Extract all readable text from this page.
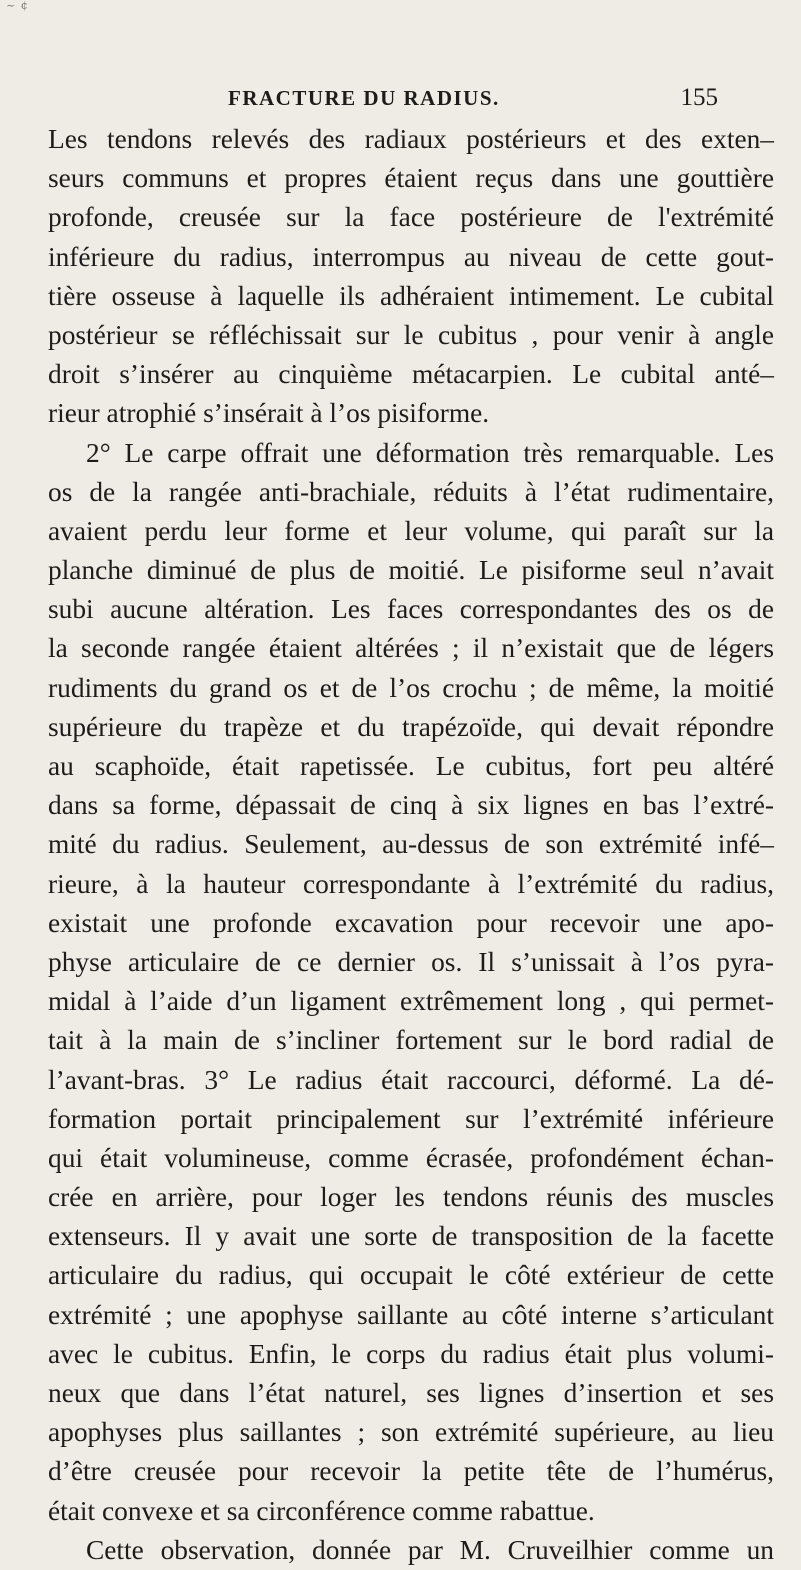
~ ¢
FRACTURE DU RADIUS.	155
Les tendons relevés des radiaux postérieurs et des exten–
seurs communs et propres étaient reçus dans une gouttière
profonde, creusée sur la face postérieure de l'extrémité
inférieure du radius, interrompus au niveau de cette gout-
tière osseuse à laquelle ils adhéraient intimement. Le cubital
postérieur se réfléchissait sur le cubitus , pour venir à angle
droit s’insérer au cinquième métacarpien. Le cubital anté–
rieur atrophié s’insérait à l’os pisiforme.
2° Le carpe offrait une déformation très remarquable. Les
os de la rangée anti-brachiale, réduits à l’état rudimentaire,
avaient perdu leur forme et leur volume, qui paraît sur la
planche diminué de plus de moitié. Le pisiforme seul n’avait
subi aucune altération. Les faces correspondantes des os de
la seconde rangée étaient altérées ; il n’existait que de légers
rudiments du grand os et de l’os crochu ; de même, la moitié
supérieure du trapèze et du trapézoïde, qui devait répondre
au scaphoïde, était rapetissée. Le cubitus, fort peu altéré
dans sa forme, dépassait de cinq à six lignes en bas l’extré-
mité du radius. Seulement, au-dessus de son extrémité infé–
rieure, à la hauteur correspondante à l’extrémité du radius,
existait une profonde excavation pour recevoir une apo-
physe articulaire de ce dernier os. Il s’unissait à l’os pyra-
midal à l’aide d’un ligament extrêmement long , qui permet-
tait à la main de s’incliner fortement sur le bord radial de
l’avant-bras. 3° Le radius était raccourci, déformé. La dé-
formation portait principalement sur l’extrémité inférieure
qui était volumineuse, comme écrasée, profondément échan-
crée en arrière, pour loger les tendons réunis des muscles
extenseurs. Il y avait une sorte de transposition de la facette
articulaire du radius, qui occupait le côté extérieur de cette
extrémité ; une apophyse saillante au côté interne s’articulant
avec le cubitus. Enfin, le corps du radius était plus volumi-
neux que dans l’état naturel, ses lignes d’insertion et ses
apophyses plus saillantes ; son extrémité supérieure, au lieu
d’être creusée pour recevoir la petite tête de l’humérus,
était convexe et sa circonférence comme rabattue.
Cette observation, donnée par M. Cruveilhier comme un
